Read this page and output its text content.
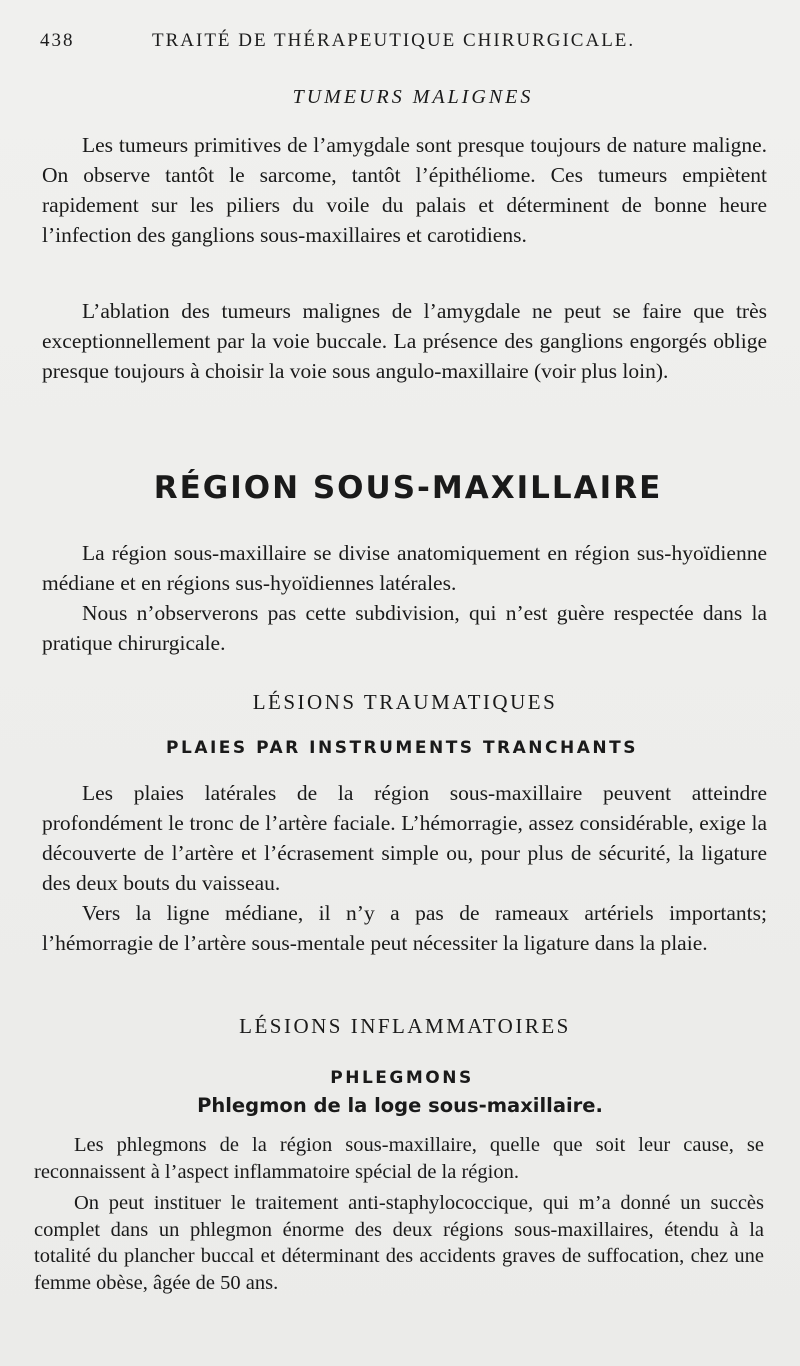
438	TRAITÉ DE THÉRAPEUTIQUE CHIRURGICALE.
TUMEURS MALIGNES

Les tumeurs primitives de l’amygdale sont presque toujours de nature maligne. On observe tantôt le sarcome, tantôt l’épithéliome. Ces tumeurs empiètent rapidement sur les piliers du voile du palais et déterminent de bonne heure l’infection des ganglions sous-maxillaires et carotidiens.

L’ablation des tumeurs malignes de l’amygdale ne peut se faire que très exceptionnellement par la voie buccale. La présence des ganglions engorgés oblige presque toujours à choisir la voie sous angulo-maxillaire (voir plus loin).

RÉGION SOUS-MAXILLAIRE

La région sous-maxillaire se divise anatomiquement en région sus-hyoïdienne médiane et en régions sus-hyoïdiennes latérales.

Nous n’observerons pas cette subdivision, qui n’est guère respectée dans la pratique chirurgicale.

LÉSIONS TRAUMATIQUES
PLAIES PAR INSTRUMENTS TRANCHANTS

Les plaies latérales de la région sous-maxillaire peuvent atteindre profondément le tronc de l’artère faciale. L’hémorragie, assez considérable, exige la découverte de l’artère et l’écrasement simple ou, pour plus de sécurité, la ligature des deux bouts du vaisseau.

Vers la ligne médiane, il n’y a pas de rameaux artériels importants; l’hémorragie de l’artère sous-mentale peut nécessiter la ligature dans la plaie.

LÉSIONS INFLAMMATOIRES
PHLEGMONS
Phlegmon de la loge sous-maxillaire.

Les phlegmons de la région sous-maxillaire, quelle que soit leur cause, se reconnaissent à l’aspect inflammatoire spécial de la région.

On peut instituer le traitement anti-staphylococcique, qui m’a donné un succès complet dans un phlegmon énorme des deux régions sous-maxillaires, étendu à la totalité du plancher buccal et déterminant des accidents graves de suffocation, chez une femme obèse, âgée de 50 ans.
